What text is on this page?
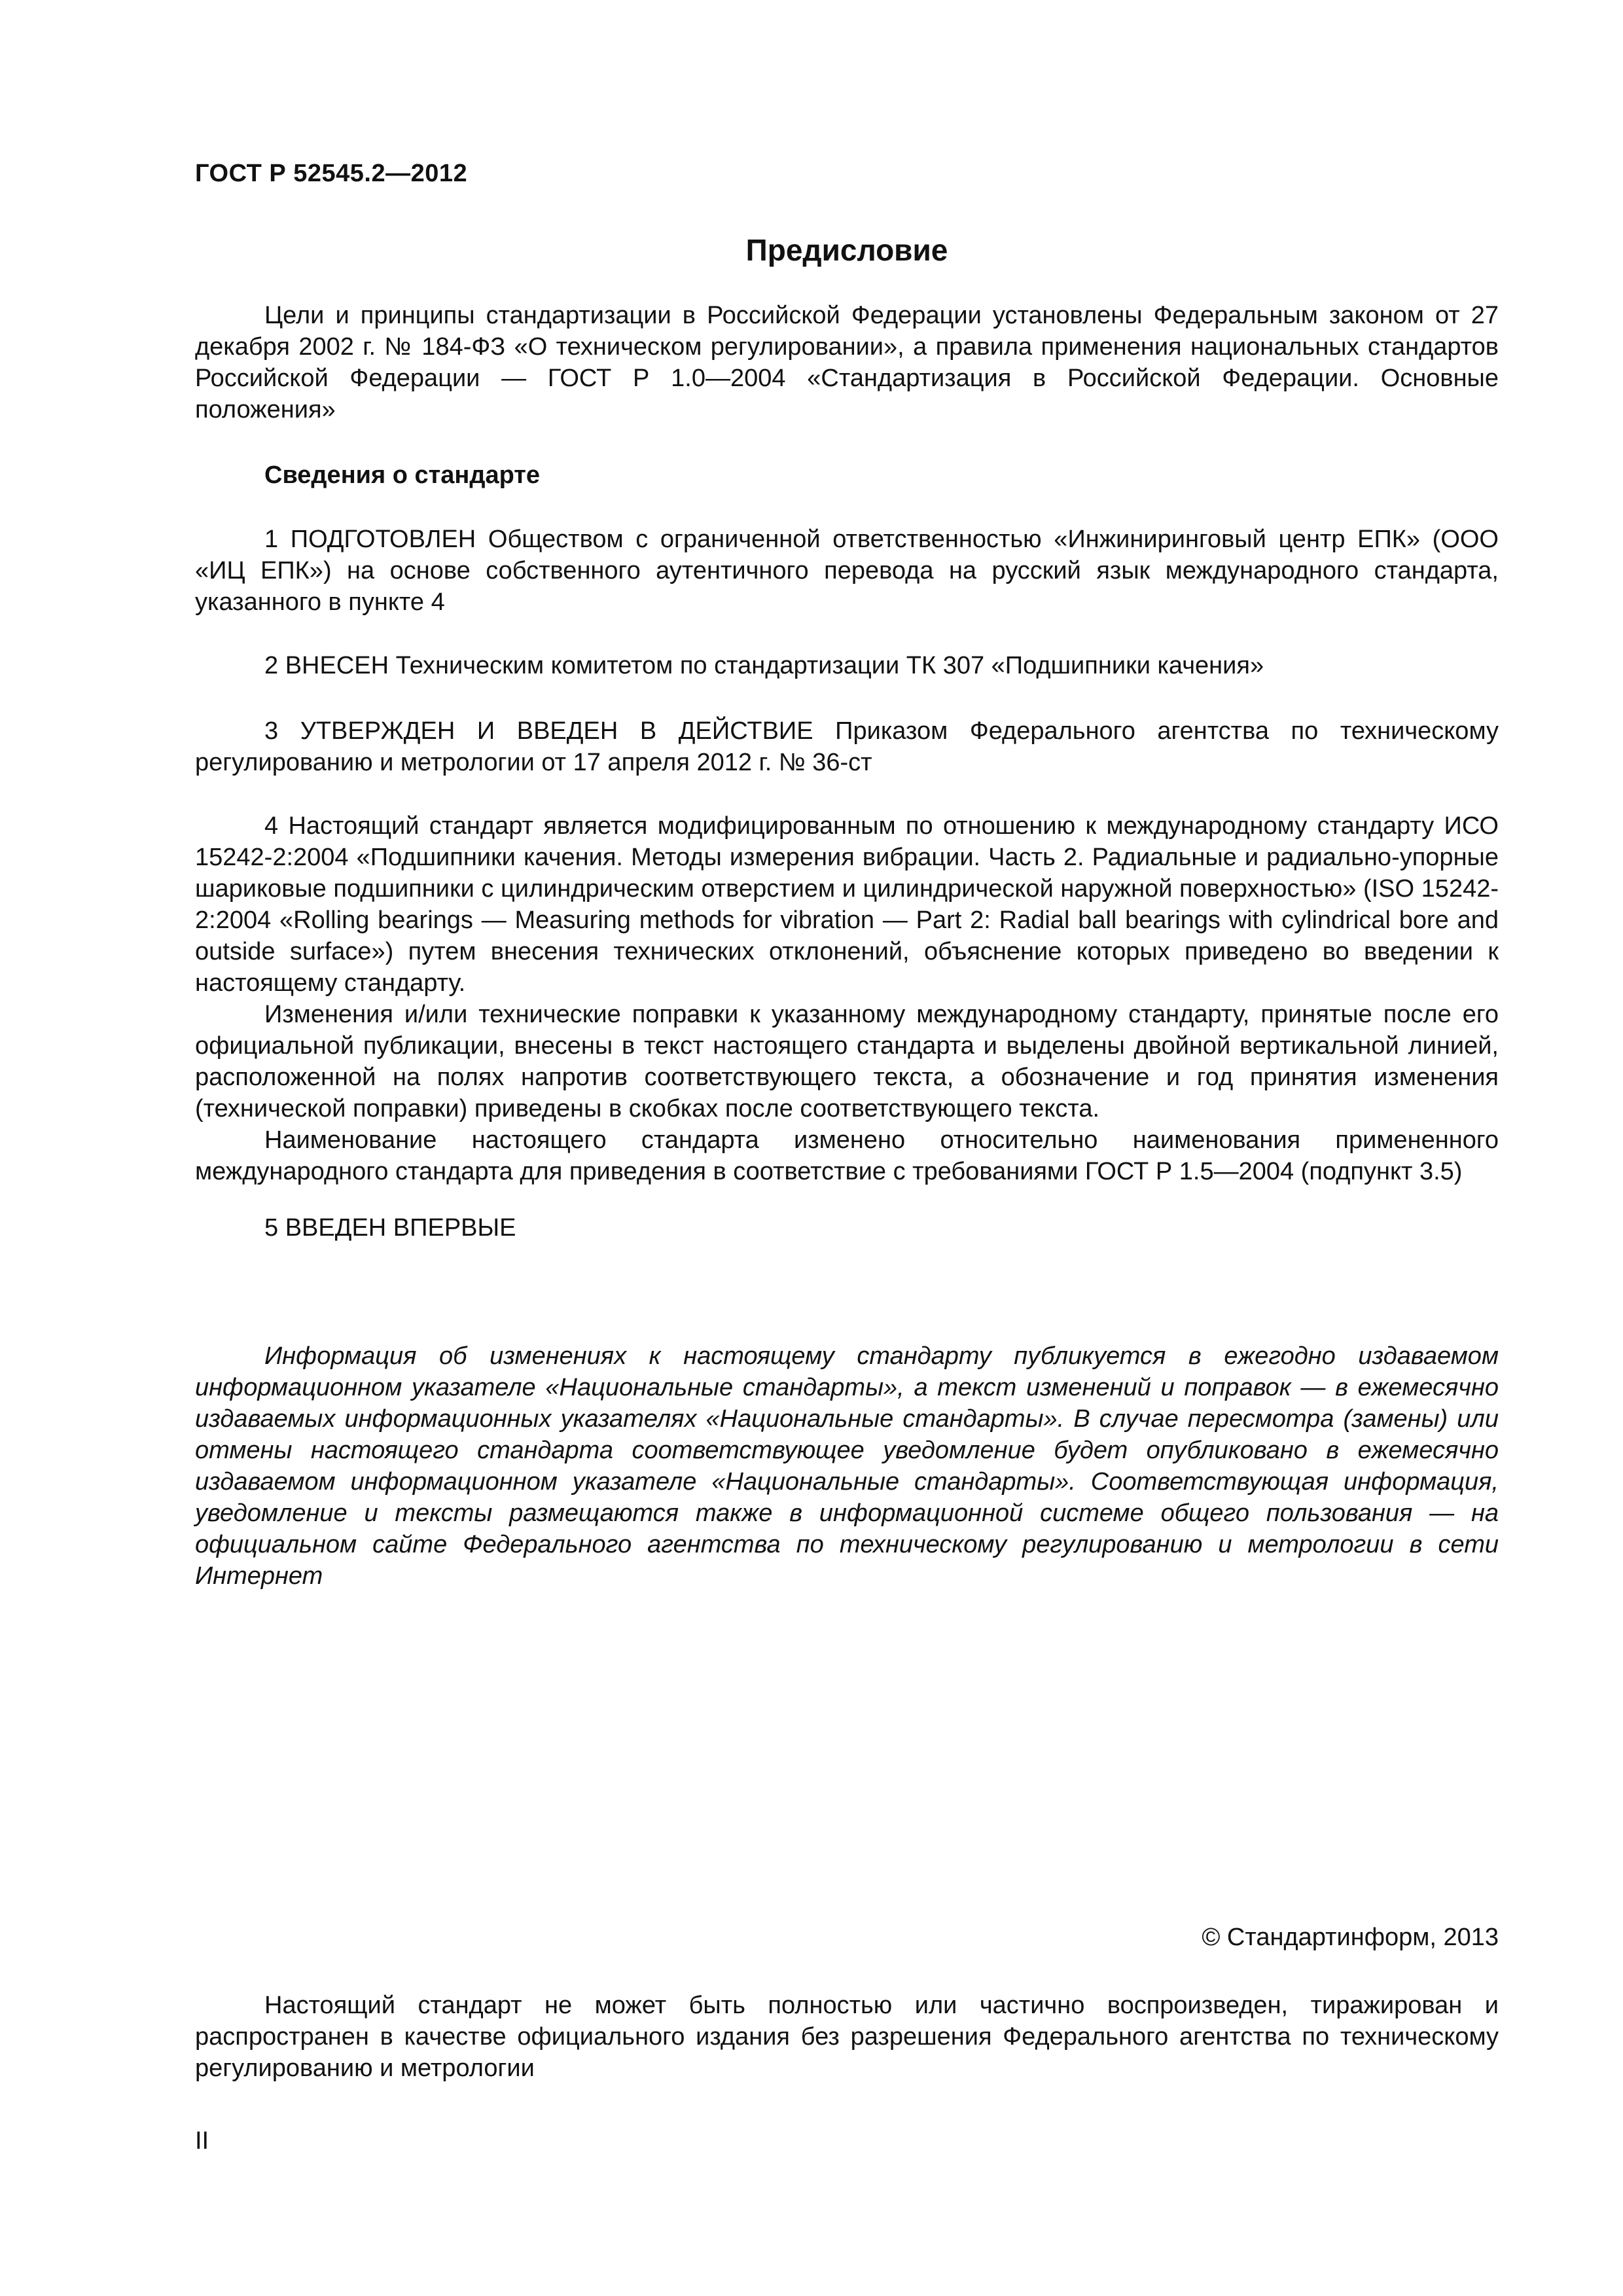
ГОСТ Р 52545.2—2012
Предисловие

Цели и принципы стандартизации в Российской Федерации установлены Федеральным законом от 27 декабря 2002 г. № 184-ФЗ «О техническом регулировании», а правила применения национальных стандартов Российской Федерации — ГОСТ Р 1.0—2004 «Стандартизация в Российской Федерации. Основные положения»

Сведения о стандарте

1 ПОДГОТОВЛЕН Обществом с ограниченной ответственностью «Инжиниринговый центр ЕПК» (ООО «ИЦ ЕПК») на основе собственного аутентичного перевода на русский язык международного стандарта, указанного в пункте 4

2 ВНЕСЕН Техническим комитетом по стандартизации ТК 307 «Подшипники качения»

3 УТВЕРЖДЕН И ВВЕДЕН В ДЕЙСТВИЕ Приказом Федерального агентства по техническому регулированию и метрологии от 17 апреля 2012 г. № 36-ст

4 Настоящий стандарт является модифицированным по отношению к международному стандарту ИСО 15242-2:2004 «Подшипники качения. Методы измерения вибрации. Часть 2. Радиальные и радиально-упорные шариковые подшипники с цилиндрическим отверстием и цилиндрической наружной поверхностью» (ISO 15242-2:2004 «Rolling bearings — Measuring methods for vibration — Part 2: Radial ball bearings with cylindrical bore and outside surface») путем внесения технических отклонений, объяснение которых приведено во введении к настоящему стандарту.

Изменения и/или технические поправки к указанному международному стандарту, принятые после его официальной публикации, внесены в текст настоящего стандарта и выделены двойной вертикальной линией, расположенной на полях напротив соответствующего текста, а обозначение и год принятия изменения (технической поправки) приведены в скобках после соответствующего текста.

Наименование настоящего стандарта изменено относительно наименования примененного международного стандарта для приведения в соответствие с требованиями ГОСТ Р 1.5—2004 (подпункт 3.5)

5 ВВЕДЕН ВПЕРВЫЕ

Информация об изменениях к настоящему стандарту публикуется в ежегодно издаваемом информационном указателе «Национальные стандарты», а текст изменений и поправок — в ежемесячно издаваемых информационных указателях «Национальные стандарты». В случае пересмотра (замены) или отмены настоящего стандарта соответствующее уведомление будет опубликовано в ежемесячно издаваемом информационном указателе «Национальные стандарты». Соответствующая информация, уведомление и тексты размещаются также в информационной системе общего пользования — на официальном сайте Федерального агентства по техническому регулированию и метрологии в сети Интернет

© Стандартинформ, 2013

Настоящий стандарт не может быть полностью или частично воспроизведен, тиражирован и распространен в качестве официального издания без разрешения Федерального агентства по техническому регулированию и метрологии

II
